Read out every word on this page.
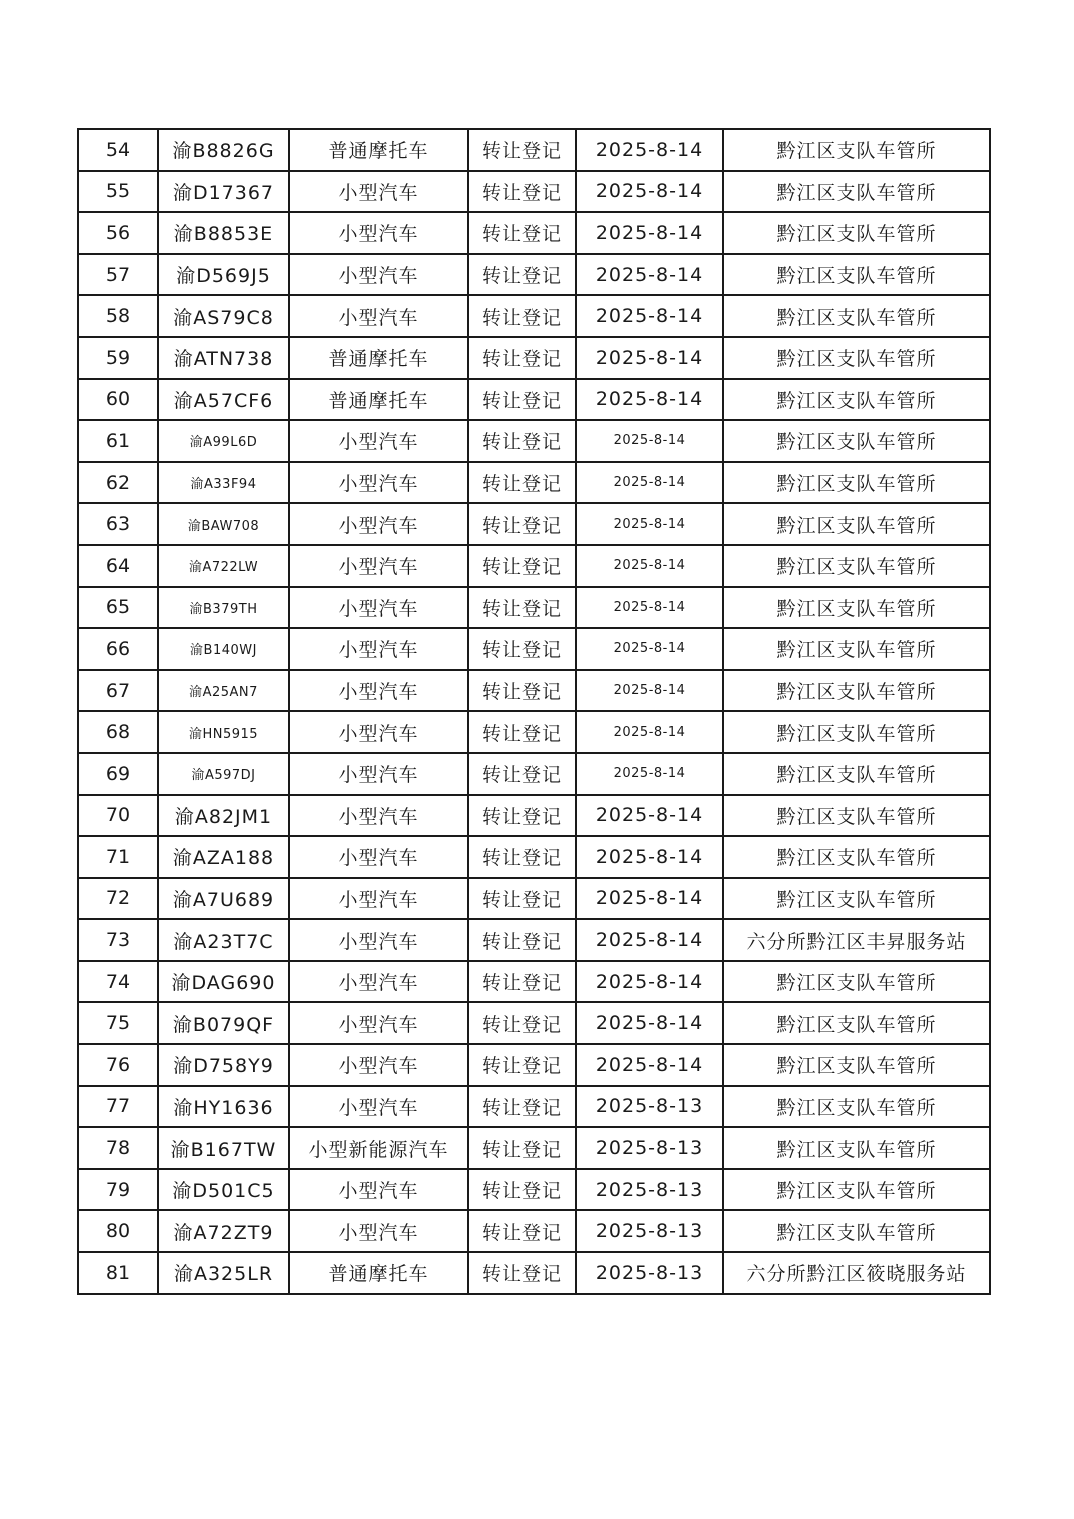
54	渝B8826G	普通摩托车	转让登记	2025-8-14	黔江区支队车管所
55	渝D17367	小型汽车	转让登记	2025-8-14	黔江区支队车管所
56	渝B8853E	小型汽车	转让登记	2025-8-14	黔江区支队车管所
57	渝D569J5	小型汽车	转让登记	2025-8-14	黔江区支队车管所
58	渝AS79C8	小型汽车	转让登记	2025-8-14	黔江区支队车管所
59	渝ATN738	普通摩托车	转让登记	2025-8-14	黔江区支队车管所
60	渝A57CF6	普通摩托车	转让登记	2025-8-14	黔江区支队车管所
61	渝A99L6D	小型汽车	转让登记	2025-8-14	黔江区支队车管所
62	渝A33F94	小型汽车	转让登记	2025-8-14	黔江区支队车管所
63	渝BAW708	小型汽车	转让登记	2025-8-14	黔江区支队车管所
64	渝A722LW	小型汽车	转让登记	2025-8-14	黔江区支队车管所
65	渝B379TH	小型汽车	转让登记	2025-8-14	黔江区支队车管所
66	渝B140WJ	小型汽车	转让登记	2025-8-14	黔江区支队车管所
67	渝A25AN7	小型汽车	转让登记	2025-8-14	黔江区支队车管所
68	渝HN5915	小型汽车	转让登记	2025-8-14	黔江区支队车管所
69	渝A597DJ	小型汽车	转让登记	2025-8-14	黔江区支队车管所
70	渝A82JM1	小型汽车	转让登记	2025-8-14	黔江区支队车管所
71	渝AZA188	小型汽车	转让登记	2025-8-14	黔江区支队车管所
72	渝A7U689	小型汽车	转让登记	2025-8-14	黔江区支队车管所
73	渝A23T7C	小型汽车	转让登记	2025-8-14	六分所黔江区丰昇服务站
74	渝DAG690	小型汽车	转让登记	2025-8-14	黔江区支队车管所
75	渝B079QF	小型汽车	转让登记	2025-8-14	黔江区支队车管所
76	渝D758Y9	小型汽车	转让登记	2025-8-14	黔江区支队车管所
77	渝HY1636	小型汽车	转让登记	2025-8-13	黔江区支队车管所
78	渝B167TW	小型新能源汽车	转让登记	2025-8-13	黔江区支队车管所
79	渝D501C5	小型汽车	转让登记	2025-8-13	黔江区支队车管所
80	渝A72ZT9	小型汽车	转让登记	2025-8-13	黔江区支队车管所
81	渝A325LR	普通摩托车	转让登记	2025-8-13	六分所黔江区筱晓服务站
